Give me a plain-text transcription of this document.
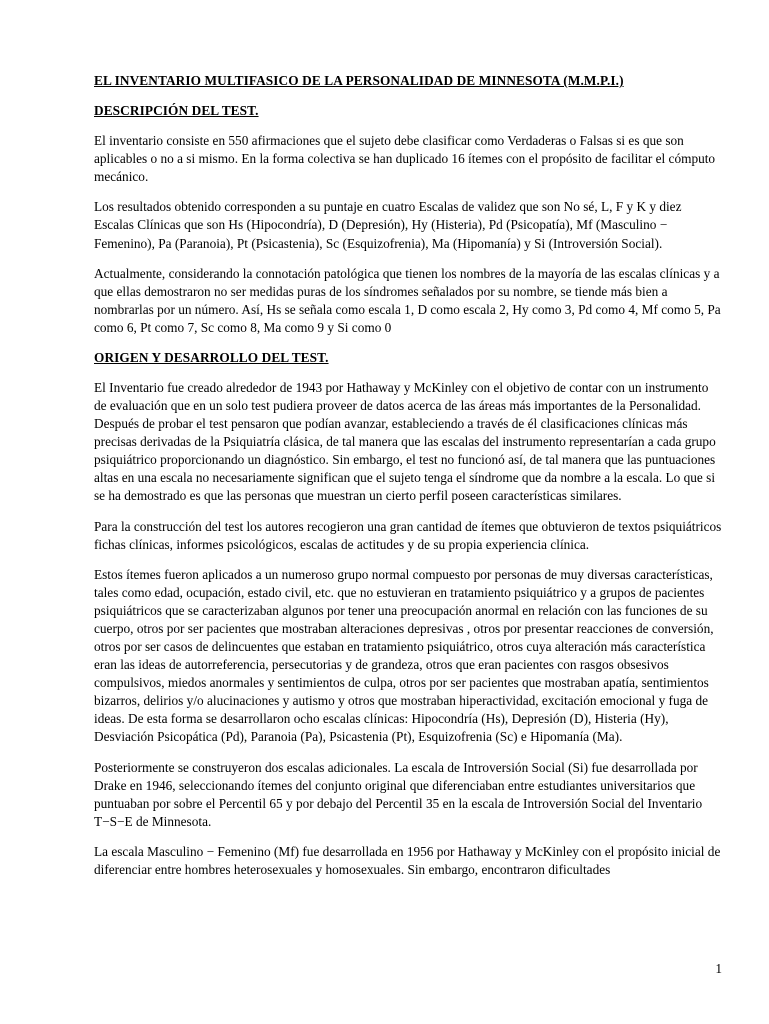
EL INVENTARIO MULTIFASICO DE LA PERSONALIDAD DE MINNESOTA (M.M.P.I.)
DESCRIPCIÓN DEL TEST.

El inventario consiste en 550 afirmaciones que el sujeto debe clasificar como Verdaderas o Falsas si es que son aplicables o no a si mismo. En la forma colectiva se han duplicado 16 ítemes con el propósito de facilitar el cómputo mecánico.

Los resultados obtenido corresponden a su puntaje en cuatro Escalas de validez que son No sé, L, F y K y diez Escalas Clínicas que son Hs (Hipocondría), D (Depresión), Hy (Histeria), Pd (Psicopatía), Mf (Masculino − Femenino), Pa (Paranoia), Pt (Psicastenia), Sc (Esquizofrenia), Ma (Hipomanía) y Si (Introversión Social).

Actualmente, considerando la connotación patológica que tienen los nombres de la mayoría de las escalas clínicas y a que ellas demostraron no ser medidas puras de los síndromes señalados por su nombre, se tiende más bien a nombrarlas por un número. Así, Hs se señala como escala 1, D como escala 2, Hy como 3, Pd como 4, Mf como 5, Pa como 6, Pt como 7, Sc como 8, Ma como 9 y Si como 0

ORIGEN Y DESARROLLO DEL TEST.

El Inventario fue creado alrededor de 1943 por Hathaway y McKinley con el objetivo de contar con un instrumento de evaluación que en un solo test pudiera proveer de datos acerca de las áreas más importantes de la Personalidad. Después de probar el test pensaron que podían avanzar, estableciendo a través de él clasificaciones clínicas más precisas derivadas de la Psiquiatría clásica, de tal manera que las escalas del instrumento representarían a cada grupo psiquiátrico proporcionando un diagnóstico. Sin embargo, el test no funcionó así, de tal manera que las puntuaciones altas en una escala no necesariamente significan que el sujeto tenga el síndrome que da nombre a la escala. Lo que si se ha demostrado es que las personas que muestran un cierto perfil poseen características similares.

Para la construcción del test los autores recogieron una gran cantidad de ítemes que obtuvieron de textos psiquiátricos fichas clínicas, informes psicológicos, escalas de actitudes y de su propia experiencia clínica.

Estos ítemes fueron aplicados a un numeroso grupo normal compuesto por personas de muy diversas características, tales como edad, ocupación, estado civil, etc. que no estuvieran en tratamiento psiquiátrico y a grupos de pacientes psiquiátricos que se caracterizaban algunos por tener una preocupación anormal en relación con las funciones de su cuerpo, otros por ser pacientes que mostraban alteraciones depresivas , otros por presentar reacciones de conversión, otros por ser casos de delincuentes que estaban en tratamiento psiquiátrico, otros cuya alteración más característica eran las ideas de autorreferencia, persecutorias y de grandeza, otros que eran pacientes con rasgos obsesivos compulsivos, miedos anormales y sentimientos de culpa, otros por ser pacientes que mostraban apatía, sentimientos bizarros, delirios y/o alucinaciones y autismo y otros que mostraban hiperactividad, excitación emocional y fuga de ideas. De esta forma se desarrollaron ocho escalas clínicas: Hipocondría (Hs), Depresión (D), Histeria (Hy), Desviación Psicopática (Pd), Paranoia (Pa), Psicastenia (Pt), Esquizofrenia (Sc) e Hipomanía (Ma).

Posteriormente se construyeron dos escalas adicionales. La escala de Introversión Social (Si) fue desarrollada por Drake en 1946, seleccionando ítemes del conjunto original que diferenciaban entre estudiantes universitarios que puntuaban por sobre el Percentil 65 y por debajo del Percentil 35 en la escala de Introversión Social del Inventario T−S−E de Minnesota.

La escala Masculino − Femenino (Mf) fue desarrollada en 1956 por Hathaway y McKinley con el propósito inicial de diferenciar entre hombres heterosexuales y homosexuales. Sin embargo, encontraron dificultades

1
